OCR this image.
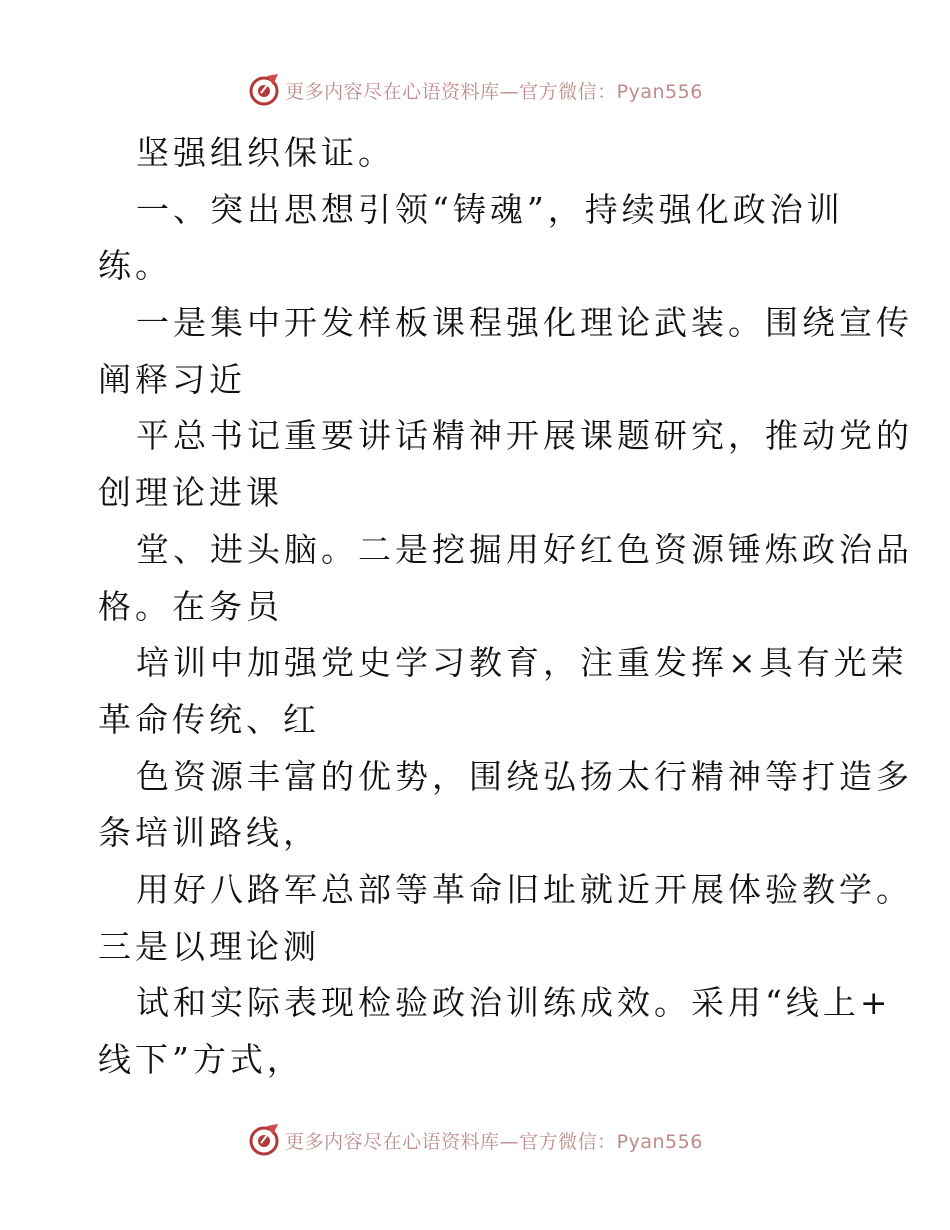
更多内容尽在心语资料库—官方微信：Pyan556
坚强组织保证。
一、突出思想引领“铸魂”，持续强化政治训
练。
一是集中开发样板课程强化理论武装。围绕宣传
阐释习近
平总书记重要讲话精神开展课题研究，推动党的
创理论进课
堂、进头脑。二是挖掘用好红色资源锤炼政治品
格。在务员
培训中加强党史学习教育，注重发挥×具有光荣
革命传统、红
色资源丰富的优势，围绕弘扬太行精神等打造多
条培训路线，
用好八路军总部等革命旧址就近开展体验教学。
三是以理论测
试和实际表现检验政治训练成效。采用“线上+
线下”方式，
更多内容尽在心语资料库—官方微信：Pyan556
